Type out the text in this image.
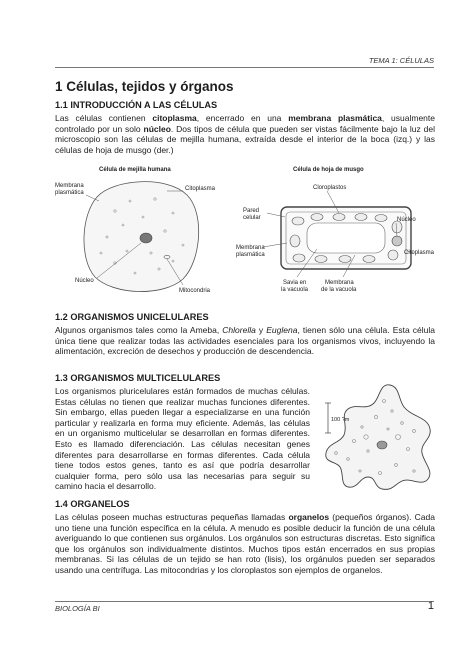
TEMA 1: CÉLULAS
1 Células, tejidos y órganos
1.1 INTRODUCCIÓN A LAS CÉLULAS
Las células contienen citoplasma, encerrado en una membrana plasmática, usualmente controlado por un solo núcleo. Dos tipos de célula que pueden ser vistas fácilmente bajo la luz del microscopio son las células de mejilla humana, extraída desde el interior de la boca (izq.) y las células de hoja de musgo (der.)
Célula de mejilla humana
Membrana
plasmática
Citoplasma
Núcleo
Mitocondria
Célula de hoja de musgo
Cloroplastos
Pared
celular	Núcleo
Membrana
plasmática	Citoplasma
Savia en
la vacuola
Membrana
de la vacuola
1.2 ORGANISMOS UNICELULARES
Algunos organismos tales como la Ameba, Chlorella y Euglena, tienen sólo una célula. Esta célula única tiene que realizar todas las actividades esenciales para los organismos vivos, incluyendo la alimentación, excreción de desechos y producción de descendencia.
1.3 ORGANISMOS MULTICELULARES
Los organismos pluricelulares están formados de muchas células. Estas células no tienen que realizar muchas funciones diferentes. Sin embargo, ellas pueden llegar a especializarse en una función particular y realizarla en forma muy eficiente. Además, las células en un organismo multicelular se desarrollan en formas diferentes. Esto es llamado diferenciación. Las células necesitan genes diferentes para desarrollarse en formas diferentes. Cada célula tiene todos estos genes, tanto es así que podría desarrollar cualquier forma, pero sólo usa las necesarias para seguir su camino hacia el desarrollo.
100 ?m
1.4 ORGANELOS
Las células poseen muchas estructuras pequeñas llamadas organelos (pequeños órganos). Cada uno tiene una función específica en la célula. A menudo es posible deducir la función de una célula averiguando lo que contienen sus orgánulos. Los orgánulos son estructuras discretas. Esto significa que los orgánulos son individualmente distintos. Muchos tipos están encerrados en sus propias membranas. Si las células de un tejido se han roto (lisis), los orgánulos pueden ser separados usando una centrífuga. Las mitocondrias y los cloroplastos son ejemplos de organelos.
BIOLOGÍA BI	1
